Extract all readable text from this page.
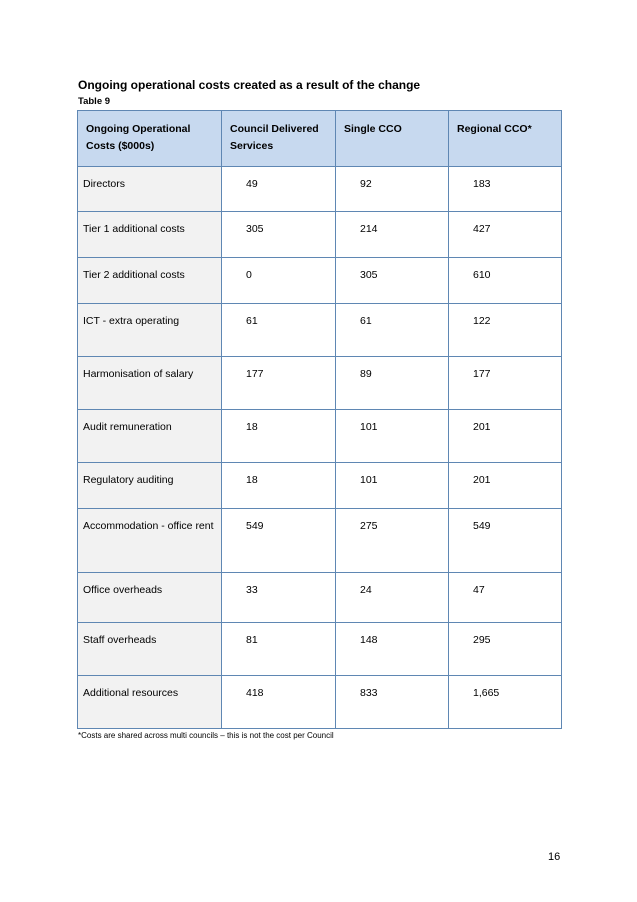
Ongoing operational costs created as a result of the change
Table 9
Ongoing Operational Costs ($000s)	Council Delivered Services	Single CCO	Regional CCO*
Directors	49	92	183
Tier 1 additional costs	305	214	427
Tier 2 additional costs	0	305	610
ICT - extra operating	61	61	122
Harmonisation of salary	177	89	177
Audit remuneration	18	101	201
Regulatory auditing	18	101	201
Accommodation - office rent	549	275	549
Office overheads	33	24	47
Staff overheads	81	148	295
Additional resources	418	833	1,665
*Costs are shared across multi councils – this is not the cost per Council
16
